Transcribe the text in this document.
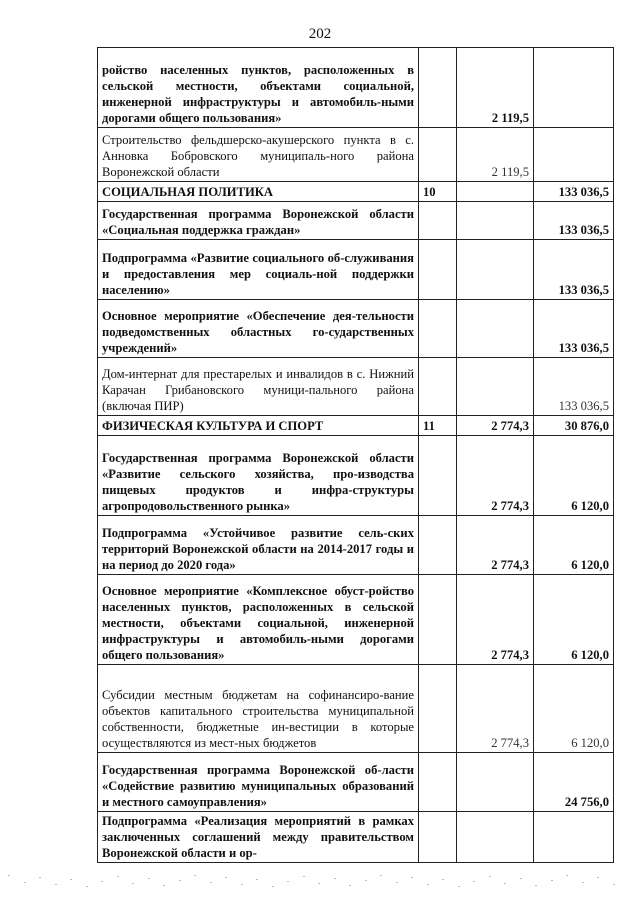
202
ройство населенных пунктов, расположенных в сельской местности, объектами социальной, инженерной инфраструктуры и автомобиль-ными дорогами общего пользования»		2 119,5	
Строительство фельдшерско-акушерского пункта в с. Анновка Бобровского муниципаль-ного района Воронежской области		2 119,5	
СОЦИАЛЬНАЯ ПОЛИТИКА	10		133 036,5
Государственная программа Воронежской области «Социальная поддержка граждан»			133 036,5
Подпрограмма «Развитие социального об-служивания и предоставления мер социаль-ной поддержки населению»			133 036,5
Основное мероприятие «Обеспечение дея-тельности подведомственных областных го-сударственных учреждений»			133 036,5
Дом-интернат для престарелых и инвалидов в с. Нижний Карачан Грибановского муници-пального района (включая ПИР)			133 036,5
ФИЗИЧЕСКАЯ КУЛЬТУРА И СПОРТ	11	2 774,3	30 876,0
Государственная программа Воронежской области «Развитие сельского хозяйства, про-изводства пищевых продуктов и инфра-структуры агропродовольственного рынка»		2 774,3	6 120,0
Подпрограмма «Устойчивое развитие сель-ских территорий Воронежской области на 2014-2017 годы и на период до 2020 года»		2 774,3	6 120,0
Основное мероприятие «Комплексное обуст-ройство населенных пунктов, расположенных в сельской местности, объектами социальной, инженерной инфраструктуры и автомобиль-ными дорогами общего пользования»		2 774,3	6 120,0
Субсидии местным бюджетам на софинансиро-вание объектов капитального строительства муниципальной собственности, бюджетные ин-вестиции в которые осуществляются из мест-ных бюджетов		2 774,3	6 120,0
Государственная программа Воронежской об-ласти «Содействие развитию муниципальных образований и местного самоуправления»			24 756,0
Подпрограмма «Реализация мероприятий в рамках заключенных соглашений между правительством Воронежской области и ор-			
